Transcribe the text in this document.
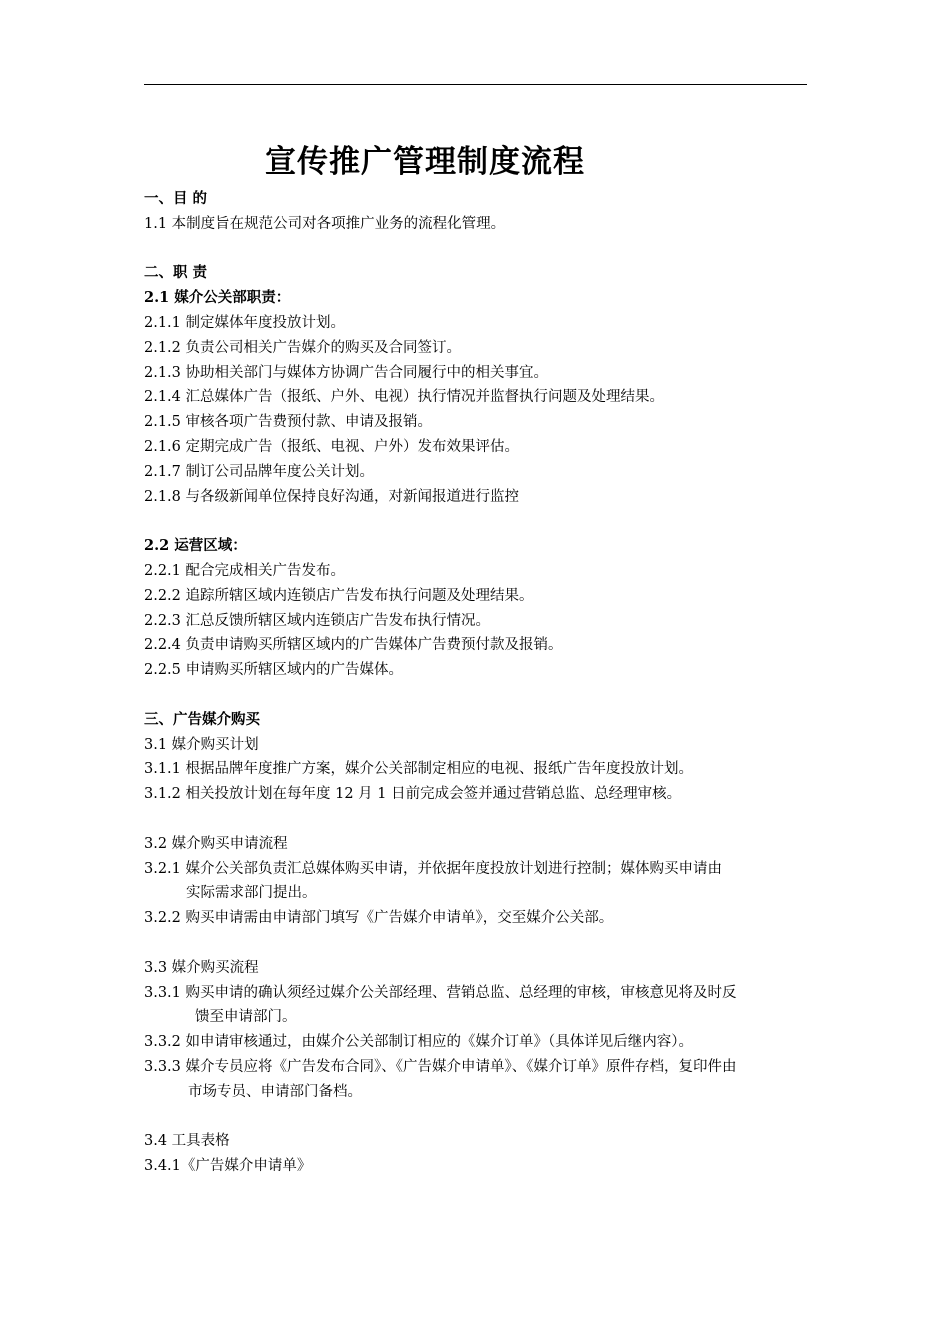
宣传推广管理制度流程
一、目 的
1.1 本制度旨在规范公司对各项推广业务的流程化管理。
二、职 责
2.1 媒介公关部职责：
2.1.1 制定媒体年度投放计划。
2.1.2 负责公司相关广告媒介的购买及合同签订。
2.1.3 协助相关部门与媒体方协调广告合同履行中的相关事宜。
2.1.4 汇总媒体广告（报纸、户外、电视）执行情况并监督执行问题及处理结果。
2.1.5 审核各项广告费预付款、申请及报销。
2.1.6 定期完成广告（报纸、电视、户外）发布效果评估。
2.1.7 制订公司品牌年度公关计划。
2.1.8 与各级新闻单位保持良好沟通，对新闻报道进行监控
2.2 运营区域：
2.2.1 配合完成相关广告发布。
2.2.2 追踪所辖区域内连锁店广告发布执行问题及处理结果。
2.2.3 汇总反馈所辖区域内连锁店广告发布执行情况。
2.2.4 负责申请购买所辖区域内的广告媒体广告费预付款及报销。
2.2.5 申请购买所辖区域内的广告媒体。
三、广告媒介购买
3.1 媒介购买计划
3.1.1 根据品牌年度推广方案，媒介公关部制定相应的电视、报纸广告年度投放计划。
3.1.2 相关投放计划在每年度 12 月 1 日前完成会签并通过营销总监、总经理审核。
3.2 媒介购买申请流程
3.2.1 媒介公关部负责汇总媒体购买申请，并依据年度投放计划进行控制；媒体购买申请由
实际需求部门提出。
3.2.2 购买申请需由申请部门填写《广告媒介申请单》，交至媒介公关部。
3.3 媒介购买流程
3.3.1 购买申请的确认须经过媒介公关部经理、营销总监、总经理的审核，审核意见将及时反
馈至申请部门。
3.3.2 如申请审核通过，由媒介公关部制订相应的《媒介订单》（具体详见后继内容）。
3.3.3 媒介专员应将《广告发布合同》、《广告媒介申请单》、《媒介订单》原件存档，复印件由
市场专员、申请部门备档。
3.4 工具表格
3.4.1《广告媒介申请单》
